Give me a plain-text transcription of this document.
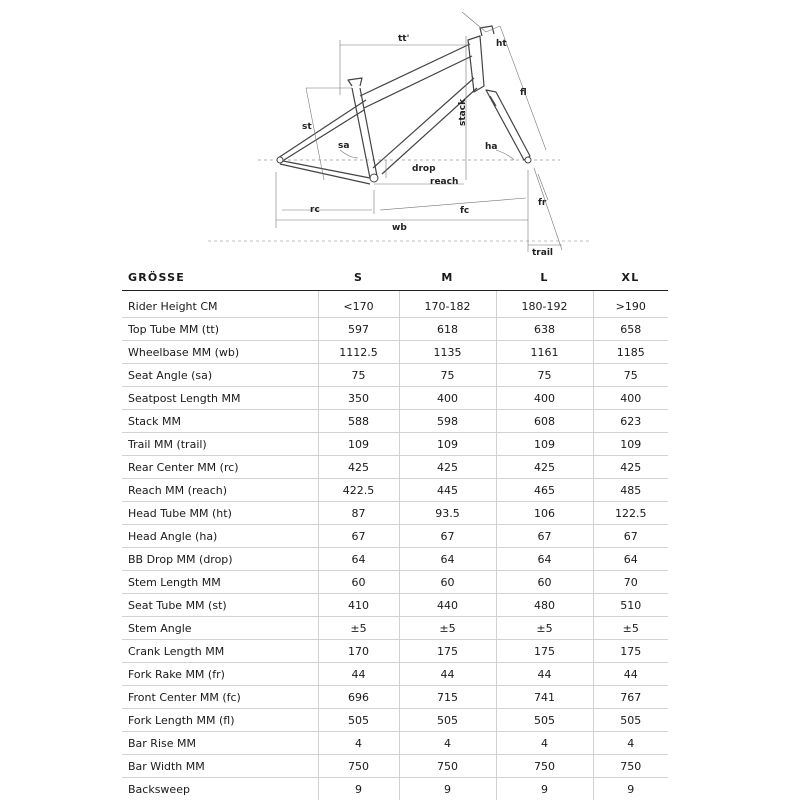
tt'	ht
fl
st
stack
sa	ha
drop
reach
rc	fc
fr
wb
trail
GRÖSSE	S	M	L	XL
Rider Height CM	<170	170-182	180-192	>190
Top Tube MM (tt)	597	618	638	658
Wheelbase MM (wb)	1112.5	1135	1161	1185
Seat Angle (sa)	75	75	75	75
Seatpost Length MM	350	400	400	400
Stack MM	588	598	608	623
Trail MM (trail)	109	109	109	109
Rear Center MM (rc)	425	425	425	425
Reach MM (reach)	422.5	445	465	485
Head Tube MM (ht)	87	93.5	106	122.5
Head Angle (ha)	67	67	67	67
BB Drop MM (drop)	64	64	64	64
Stem Length MM	60	60	60	70
Seat Tube MM (st)	410	440	480	510
Stem Angle	±5	±5	±5	±5
Crank Length MM	170	175	175	175
Fork Rake MM (fr)	44	44	44	44
Front Center MM (fc)	696	715	741	767
Fork Length MM (fl)	505	505	505	505
Bar Rise MM	4	4	4	4
Bar Width MM	750	750	750	750
Backsweep	9	9	9	9
